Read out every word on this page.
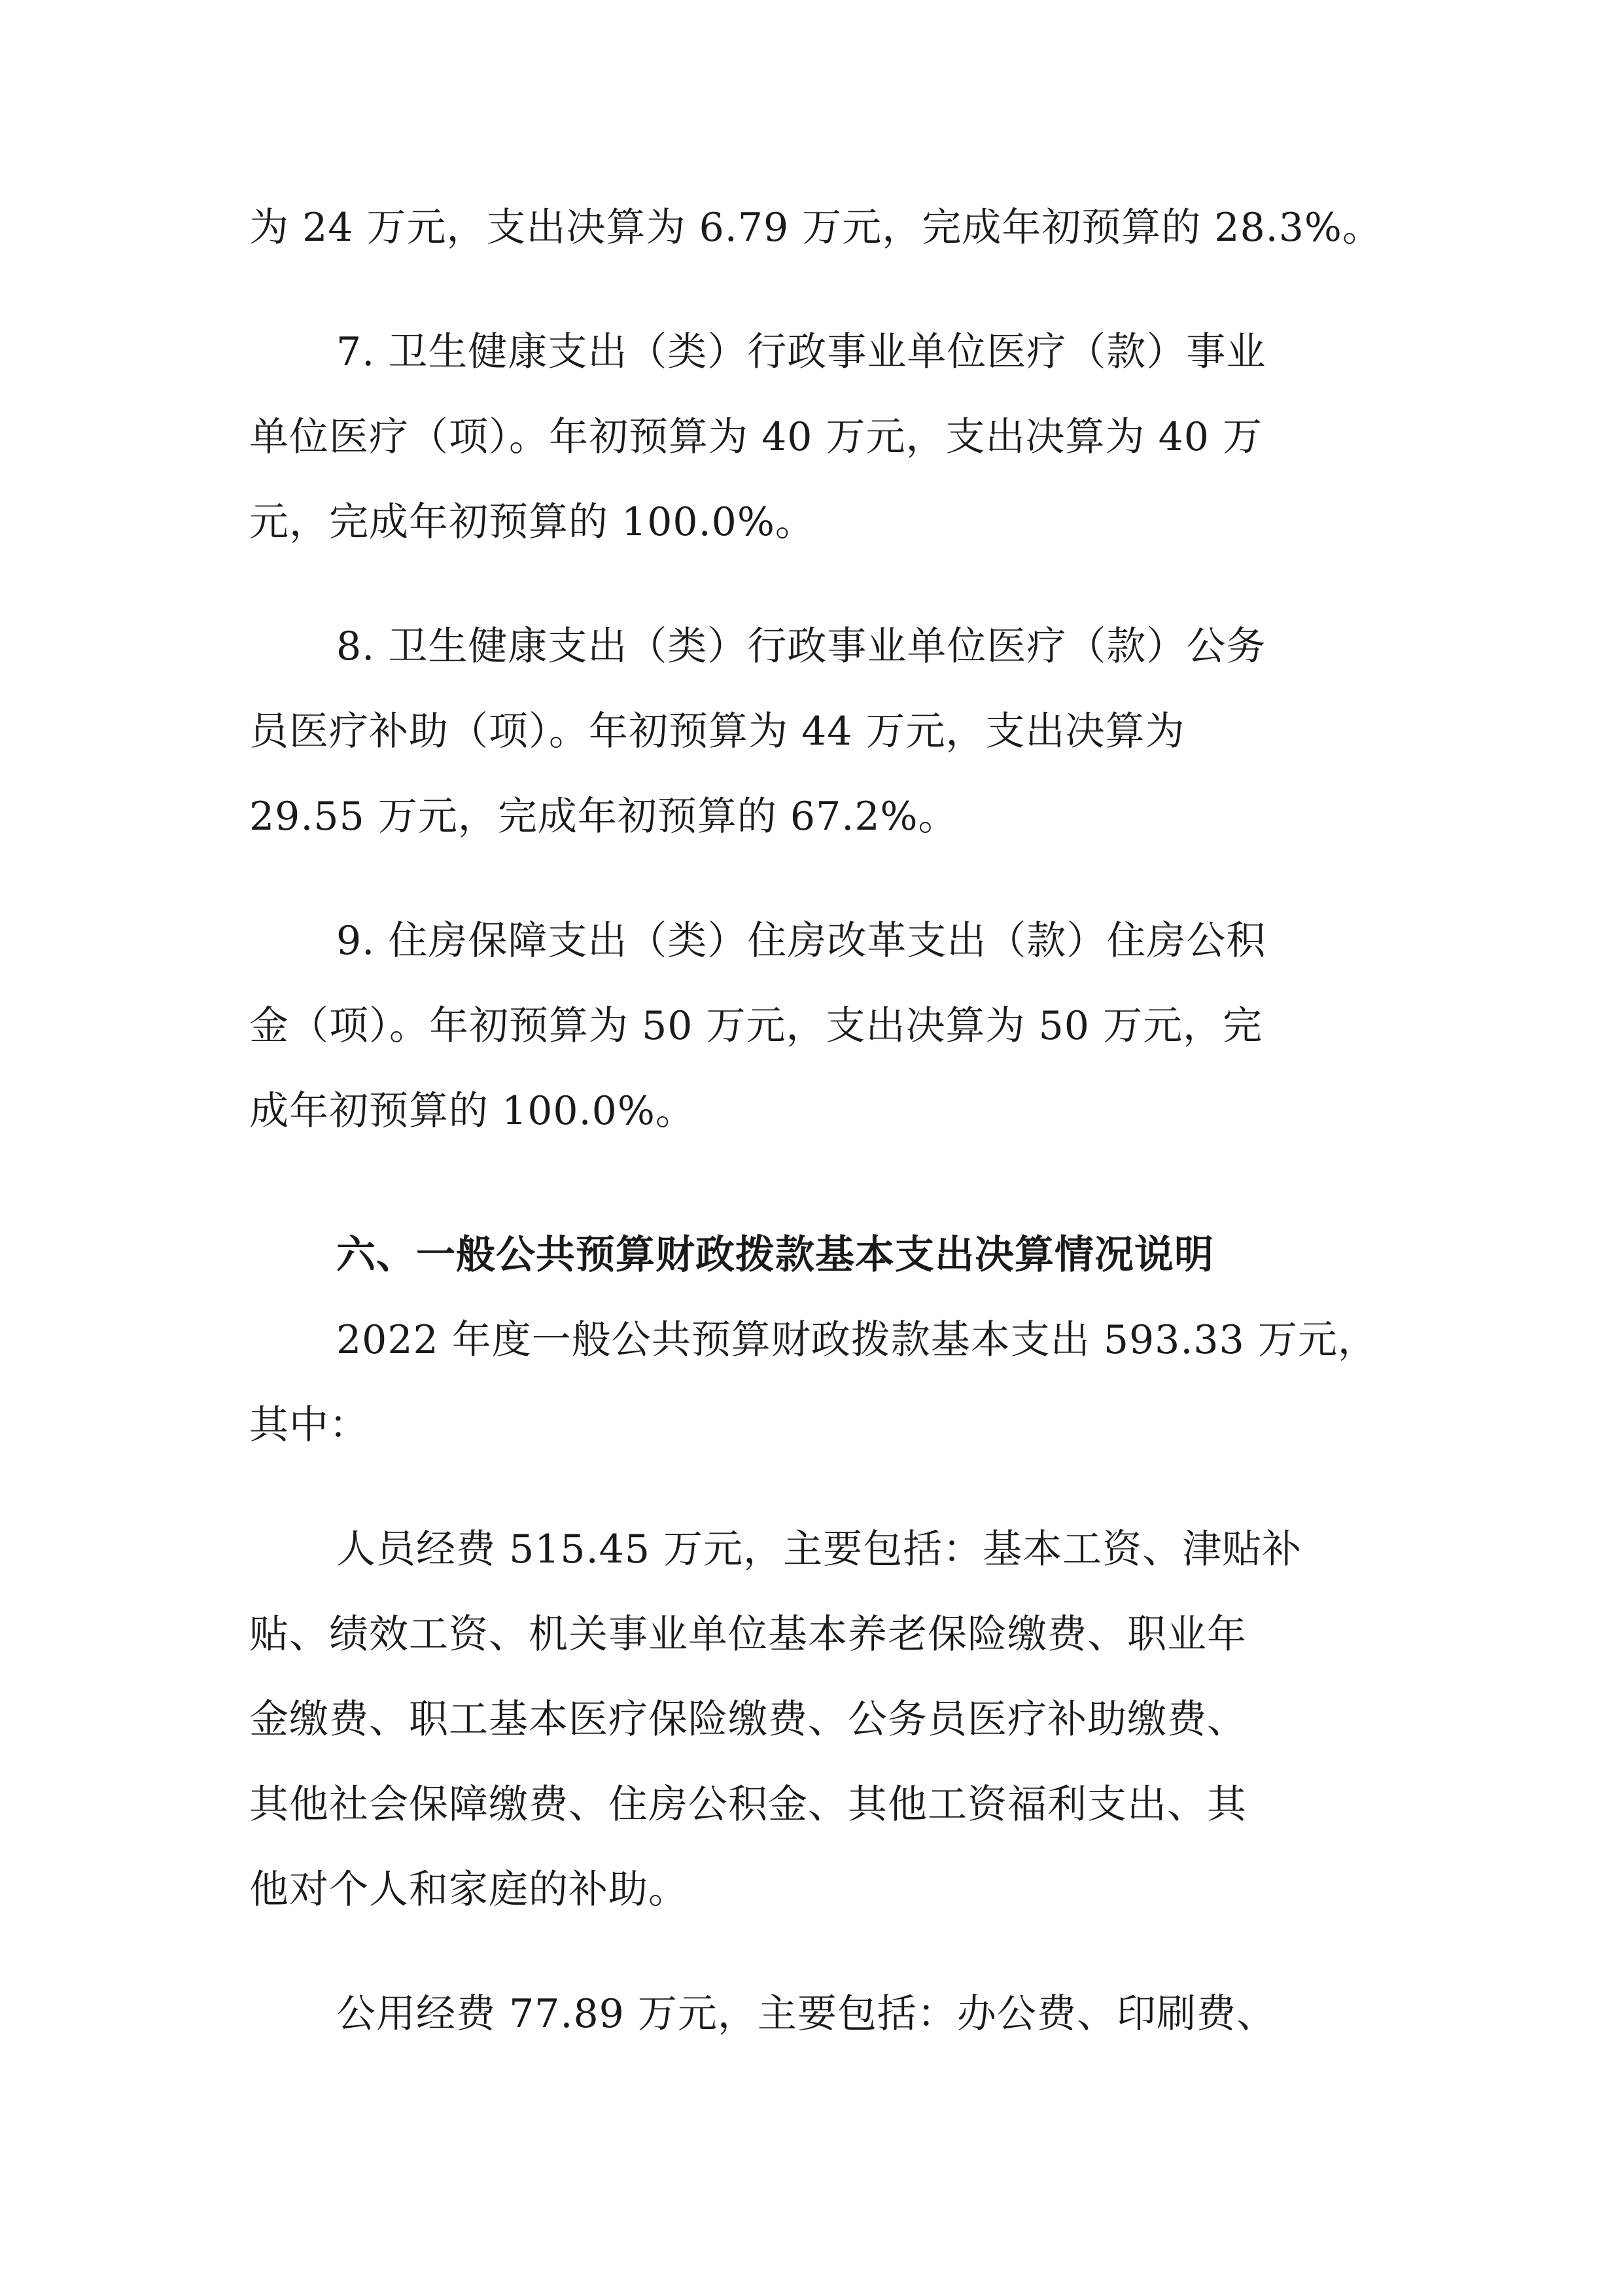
为 24 万元，支出决算为 6.79 万元，完成年初预算的 28.3%。
7. 卫生健康支出（类）行政事业单位医疗（款）事业
单位医疗（项）。年初预算为 40 万元，支出决算为 40 万
元，完成年初预算的 100.0%。
8. 卫生健康支出（类）行政事业单位医疗（款）公务
员医疗补助（项）。年初预算为 44 万元，支出决算为
29.55 万元，完成年初预算的 67.2%。
9. 住房保障支出（类）住房改革支出（款）住房公积
金（项）。年初预算为 50 万元，支出决算为 50 万元，完
成年初预算的 100.0%。
六、一般公共预算财政拨款基本支出决算情况说明
2022 年度一般公共预算财政拨款基本支出 593.33 万元，
其中：
人员经费 515.45 万元，主要包括：基本工资、津贴补
贴、绩效工资、机关事业单位基本养老保险缴费、职业年
金缴费、职工基本医疗保险缴费、公务员医疗补助缴费、
其他社会保障缴费、住房公积金、其他工资福利支出、其
他对个人和家庭的补助。
公用经费 77.89 万元，主要包括：办公费、印刷费、
